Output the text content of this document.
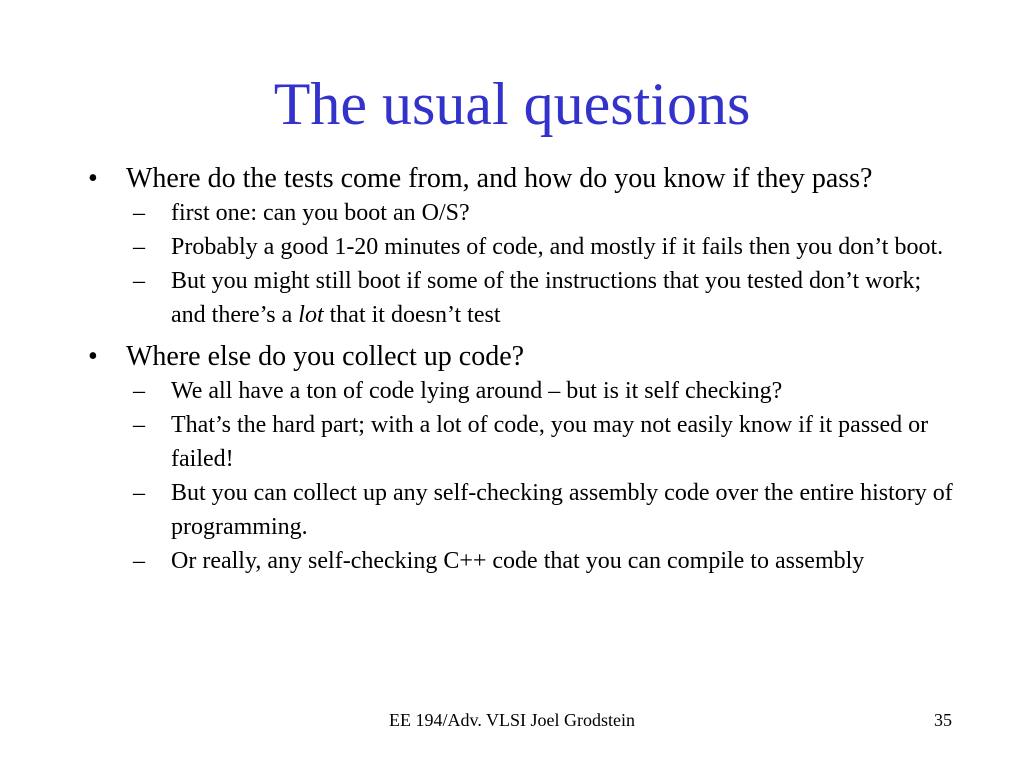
The usual questions
• Where do the tests come from, and how do you know if they pass?
– first one: can you boot an O/S?
– Probably a good 1-20 minutes of code, and mostly if it fails then you don’t boot.
– But you might still boot if some of the instructions that you tested don’t work; and there’s a lot that it doesn’t test
• Where else do you collect up code?
– We all have a ton of code lying around – but is it self checking?
– That’s the hard part; with a lot of code, you may not easily know if it passed or failed!
– But you can collect up any self-checking assembly code over the entire history of programming.
– Or really, any self-checking C++ code that you can compile to assembly
EE 194/Adv. VLSI Joel Grodstein	35
